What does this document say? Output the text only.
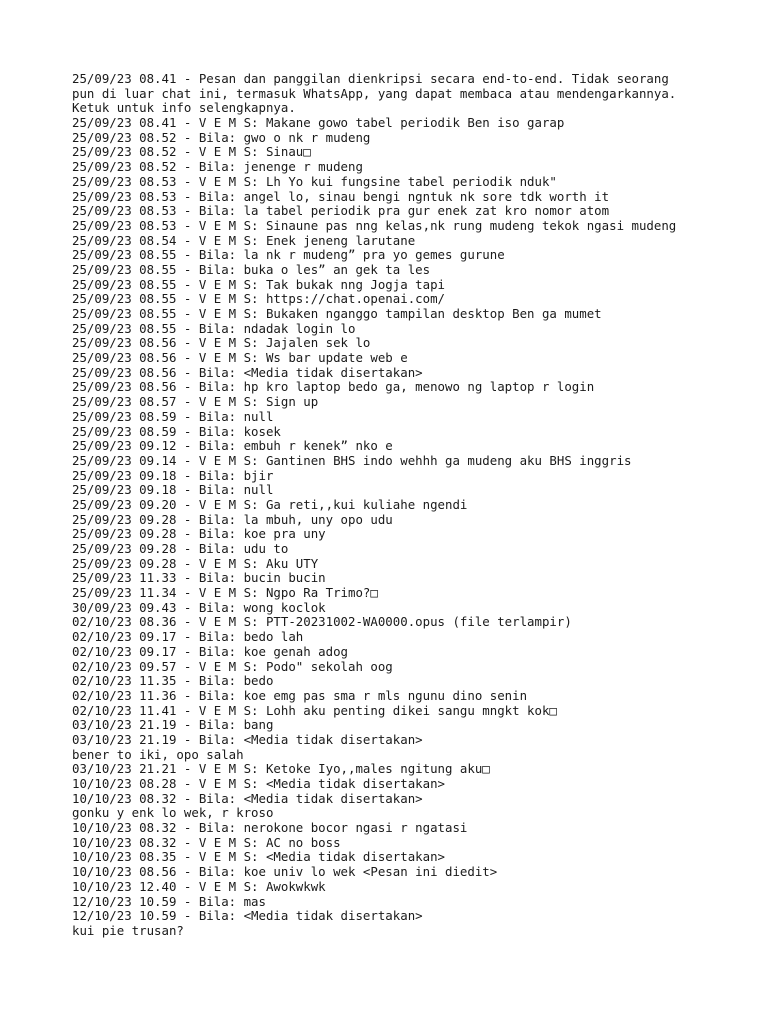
25/09/23 08.41 - Pesan dan panggilan dienkripsi secara end-to-end. Tidak seorang
pun di luar chat ini, termasuk WhatsApp, yang dapat membaca atau mendengarkannya.
Ketuk untuk info selengkapnya.
25/09/23 08.41 - V E M S: Makane gowo tabel periodik Ben iso garap
25/09/23 08.52 - Bila: gwo o nk r mudeng
25/09/23 08.52 - V E M S: Sinau□
25/09/23 08.52 - Bila: jenenge r mudeng
25/09/23 08.53 - V E M S: Lh Yo kui fungsine tabel periodik nduk"
25/09/23 08.53 - Bila: angel lo, sinau bengi ngntuk nk sore tdk worth it
25/09/23 08.53 - Bila: la tabel periodik pra gur enek zat kro nomor atom
25/09/23 08.53 - V E M S: Sinaune pas nng kelas,nk rung mudeng tekok ngasi mudeng
25/09/23 08.54 - V E M S: Enek jeneng larutane
25/09/23 08.55 - Bila: la nk r mudeng” pra yo gemes gurune
25/09/23 08.55 - Bila: buka o les” an gek ta les
25/09/23 08.55 - V E M S: Tak bukak nng Jogja tapi
25/09/23 08.55 - V E M S: https://chat.openai.com/
25/09/23 08.55 - V E M S: Bukaken nganggo tampilan desktop Ben ga mumet
25/09/23 08.55 - Bila: ndadak login lo
25/09/23 08.56 - V E M S: Jajalen sek lo
25/09/23 08.56 - V E M S: Ws bar update web e
25/09/23 08.56 - Bila: <Media tidak disertakan>
25/09/23 08.56 - Bila: hp kro laptop bedo ga, menowo ng laptop r login
25/09/23 08.57 - V E M S: Sign up
25/09/23 08.59 - Bila: null
25/09/23 08.59 - Bila: kosek
25/09/23 09.12 - Bila: embuh r kenek” nko e
25/09/23 09.14 - V E M S: Gantinen BHS indo wehhh ga mudeng aku BHS inggris
25/09/23 09.18 - Bila: bjir
25/09/23 09.18 - Bila: null
25/09/23 09.20 - V E M S: Ga reti,,kui kuliahe ngendi
25/09/23 09.28 - Bila: la mbuh, uny opo udu
25/09/23 09.28 - Bila: koe pra uny
25/09/23 09.28 - Bila: udu to
25/09/23 09.28 - V E M S: Aku UTY
25/09/23 11.33 - Bila: bucin bucin
25/09/23 11.34 - V E M S: Ngpo Ra Trimo?□
30/09/23 09.43 - Bila: wong koclok
02/10/23 08.36 - V E M S: PTT-20231002-WA0000.opus (file terlampir)
02/10/23 09.17 - Bila: bedo lah
02/10/23 09.17 - Bila: koe genah adog
02/10/23 09.57 - V E M S: Podo" sekolah oog
02/10/23 11.35 - Bila: bedo
02/10/23 11.36 - Bila: koe emg pas sma r mls ngunu dino senin
02/10/23 11.41 - V E M S: Lohh aku penting dikei sangu mngkt kok□
03/10/23 21.19 - Bila: bang
03/10/23 21.19 - Bila: <Media tidak disertakan>
bener to iki, opo salah
03/10/23 21.21 - V E M S: Ketoke Iyo,,males ngitung aku□
10/10/23 08.28 - V E M S: <Media tidak disertakan>
10/10/23 08.32 - Bila: <Media tidak disertakan>
gonku y enk lo wek, r kroso
10/10/23 08.32 - Bila: nerokone bocor ngasi r ngatasi
10/10/23 08.32 - V E M S: AC no boss
10/10/23 08.35 - V E M S: <Media tidak disertakan>
10/10/23 08.56 - Bila: koe univ lo wek <Pesan ini diedit>
10/10/23 12.40 - V E M S: Awokwkwk
12/10/23 10.59 - Bila: mas
12/10/23 10.59 - Bila: <Media tidak disertakan>
kui pie trusan?
